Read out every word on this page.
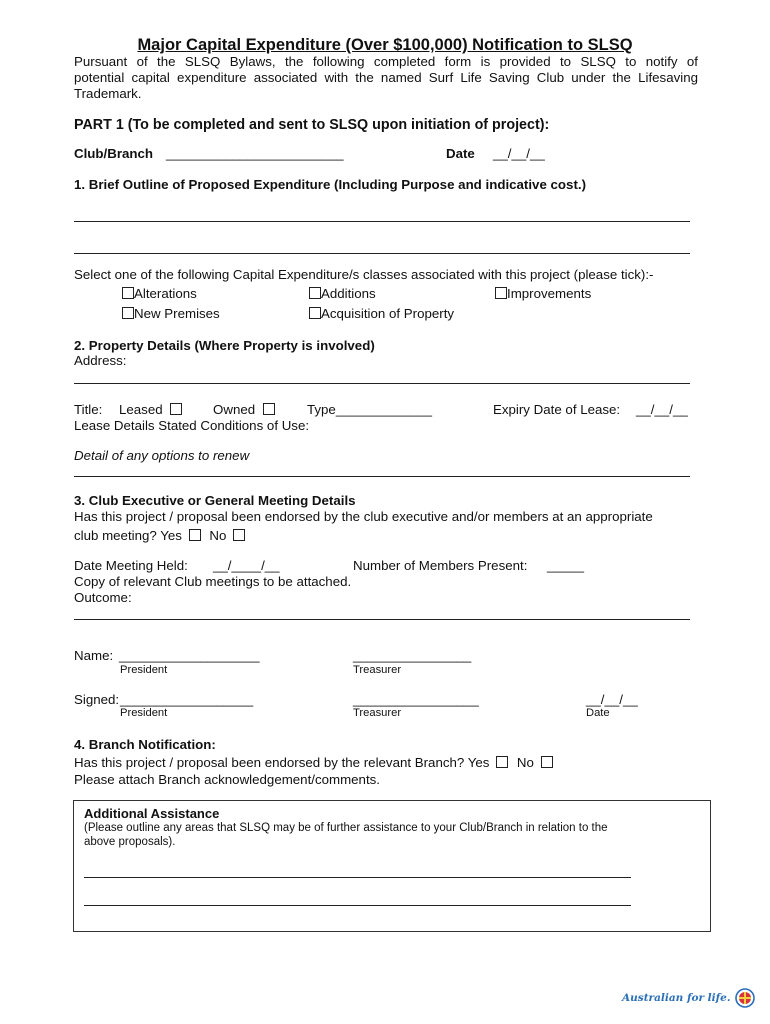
Major Capital Expenditure (Over $100,000) Notification to SLSQ
Pursuant of the SLSQ Bylaws, the following completed form is provided to SLSQ to notify of
potential capital expenditure associated with the named Surf Life Saving Club under the Lifesaving
Trademark.
PART 1 (To be completed and sent to SLSQ upon initiation of project):
Club/Branch ________________________	Date __/__/__
1. Brief Outline of Proposed Expenditure (Including Purpose and indicative cost.)
Select one of the following Capital Expenditure/s classes associated with this project (please tick):-
Alterations	Additions	Improvements
New Premises	Acquisition of Property
2. Property Details (Where Property is involved)
Address:
Title: Leased	Owned	Type_____________	Expiry Date of Lease: __/__/__
Lease Details Stated Conditions of Use:
Detail of any options to renew
3. Club Executive or General Meeting Details
Has this project / proposal been endorsed by the club executive and/or members at an appropriate
club meeting? Yes No
Date Meeting Held: __/____/__	Number of Members Present: _____
Copy of relevant Club meetings to be attached.
Outcome:
Name: ___________________	________________
President	Treasurer
Signed: __________________	_________________	__/__/__
President	Treasurer	Date
4. Branch Notification:
Has this project / proposal been endorsed by the relevant Branch? Yes No
Please attach Branch acknowledgement/comments.
Additional Assistance
(Please outline any areas that SLSQ may be of further assistance to your Club/Branch in relation to the
above proposals).
Australian for life.
